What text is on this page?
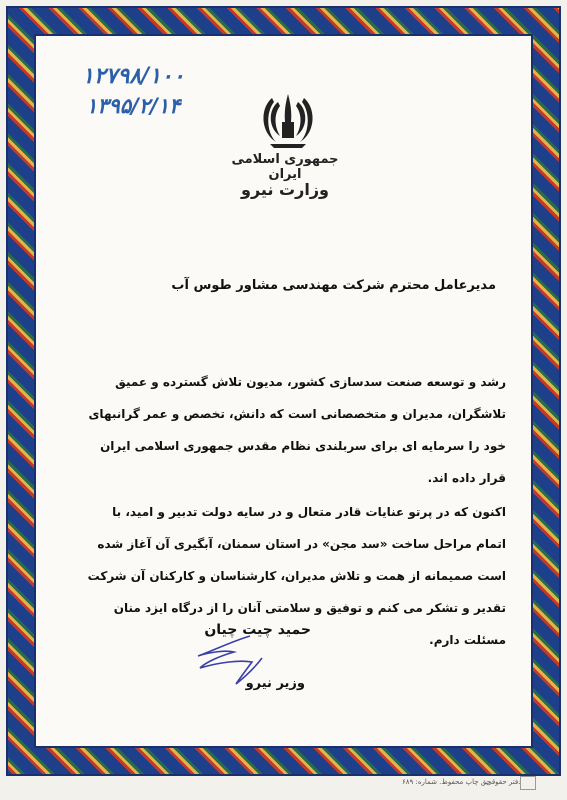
۱۲۷۹۸/۱۰۰
۱۳۹۵/۲/۱۴
جمهوری اسلامی ایران
وزارت نیرو
مدیرعامل محترم شرکت مهندسی مشاور طوس آب
رشد و توسعه صنعت سدسازی کشور، مدیون تلاش گسترده و عمیق تلاشگران، مدیران و متخصصانی است که دانش، تخصص و عمر گرانبهای خود را سرمایه ای برای سربلندی نظام مقدس جمهوری اسلامی ایران قرار داده اند.
اکنون که در پرتو عنایات قادر متعال و در سایه دولت تدبیر و امید، با اتمام مراحل ساخت «سد مجن» در استان سمنان، آبگیری آن آغاز شده است صمیمانه از همت و تلاش مدیران، کارشناسان و کارکنان آن شرکت تقدیر و تشکر می کنم و توفیق و سلامتی آنان را از درگاه ایزد منان مسئلت دارم.
حمید چیت چیان
وزیر نیرو
حق چاپ محفوظ. شماره: ۶۸۹
دفتر حقوقی
